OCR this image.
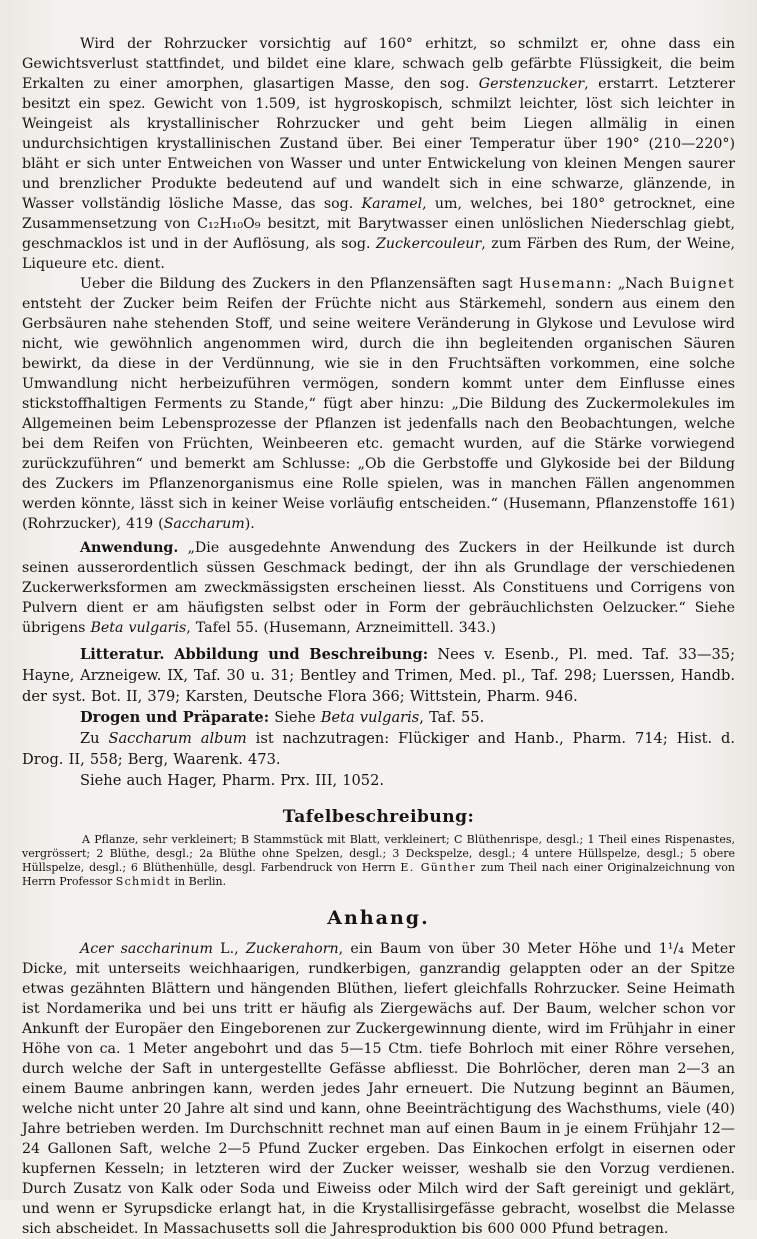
Wird der Rohrzucker vorsichtig auf 160° erhitzt, so schmilzt er, ohne dass ein Gewichtsverlust stattfindet, und bildet eine klare, schwach gelb gefärbte Flüssigkeit, die beim Erkalten zu einer amorphen, glasartigen Masse, den sog. Gerstenzucker, erstarrt. Letzterer besitzt ein spez. Gewicht von 1.509, ist hygroskopisch, schmilzt leichter, löst sich leichter in Weingeist als krystallinischer Rohrzucker und geht beim Liegen allmälig in einen undurchsichtigen krystallinischen Zustand über. Bei einer Temperatur über 190° (210—220°) bläht er sich unter Entweichen von Wasser und unter Entwickelung von kleinen Mengen saurer und brenzlicher Produkte bedeutend auf und wandelt sich in eine schwarze, glänzende, in Wasser vollständig lösliche Masse, das sog. Karamel, um, welches, bei 180° getrocknet, eine Zusammensetzung von C₁₂H₁₀O₉ besitzt, mit Barytwasser einen unlöslichen Niederschlag giebt, geschmacklos ist und in der Auflösung, als sog. Zuckercouleur, zum Färben des Rum, der Weine, Liqueure etc. dient.

Ueber die Bildung des Zuckers in den Pflanzensäften sagt Husemann: „Nach Buignet entsteht der Zucker beim Reifen der Früchte nicht aus Stärkemehl, sondern aus einem den Gerbsäuren nahe stehenden Stoff, und seine weitere Veränderung in Glykose und Levulose wird nicht, wie gewöhnlich angenommen wird, durch die ihn begleitenden organischen Säuren bewirkt, da diese in der Verdünnung, wie sie in den Fruchtsäften vorkommen, eine solche Umwandlung nicht herbeizuführen vermögen, sondern kommt unter dem Einflusse eines stickstoffhaltigen Ferments zu Stande,“ fügt aber hinzu: „Die Bildung des Zuckermolekules im Allgemeinen beim Lebensprozesse der Pflanzen ist jedenfalls nach den Beobachtungen, welche bei dem Reifen von Früchten, Weinbeeren etc. gemacht wurden, auf die Stärke vorwiegend zurückzuführen“ und bemerkt am Schlusse: „Ob die Gerbstoffe und Glykoside bei der Bildung des Zuckers im Pflanzenorganismus eine Rolle spielen, was in manchen Fällen angenommen werden könnte, lässt sich in keiner Weise vorläufig entscheiden.“ (Husemann, Pflanzenstoffe 161) (Rohrzucker), 419 (Saccharum).

Anwendung. „Die ausgedehnte Anwendung des Zuckers in der Heilkunde ist durch seinen ausserordentlich süssen Geschmack bedingt, der ihn als Grundlage der verschiedenen Zuckerwerksformen am zweckmässigsten erscheinen liesst. Als Constituens und Corrigens von Pulvern dient er am häufigsten selbst oder in Form der gebräuchlichsten Oelzucker.“ Siehe übrigens Beta vulgaris, Tafel 55. (Husemann, Arzneimittell. 343.)

Litteratur. Abbildung und Beschreibung: Nees v. Esenb., Pl. med. Taf. 33—35; Hayne, Arzneigew. IX, Taf. 30 u. 31; Bentley and Trimen, Med. pl., Taf. 298; Luerssen, Handb. der syst. Bot. II, 379; Karsten, Deutsche Flora 366; Wittstein, Pharm. 946.

Drogen und Präparate: Siehe Beta vulgaris, Taf. 55.

Zu Saccharum album ist nachzutragen: Flückiger and Hanb., Pharm. 714; Hist. d. Drog. II, 558; Berg, Waarenk. 473.

Siehe auch Hager, Pharm. Prx. III, 1052.

Tafelbeschreibung:

A Pflanze, sehr verkleinert; B Stammstück mit Blatt, verkleinert; C Blüthenrispe, desgl.; 1 Theil eines Rispenastes, vergrössert; 2 Blüthe, desgl.; 2a Blüthe ohne Spelzen, desgl.; 3 Deckspelze, desgl.; 4 untere Hüllspelze, desgl.; 5 obere Hüllspelze, desgl.; 6 Blüthenhülle, desgl. Farbendruck von Herrn E. Günther zum Theil nach einer Originalzeichnung von Herrn Professor Schmidt in Berlin.

Anhang.

Acer saccharinum L., Zuckerahorn, ein Baum von über 30 Meter Höhe und 1¹/₄ Meter Dicke, mit unterseits weichhaarigen, rundkerbigen, ganzrandig gelappten oder an der Spitze etwas gezähnten Blättern und hängenden Blüthen, liefert gleichfalls Rohrzucker. Seine Heimath ist Nordamerika und bei uns tritt er häufig als Ziergewächs auf. Der Baum, welcher schon vor Ankunft der Europäer den Eingeborenen zur Zuckergewinnung diente, wird im Frühjahr in einer Höhe von ca. 1 Meter angebohrt und das 5—15 Ctm. tiefe Bohrloch mit einer Röhre versehen, durch welche der Saft in untergestellte Gefässe abfliesst. Die Bohrlöcher, deren man 2—3 an einem Baume anbringen kann, werden jedes Jahr erneuert. Die Nutzung beginnt an Bäumen, welche nicht unter 20 Jahre alt sind und kann, ohne Beeinträchtigung des Wachsthums, viele (40) Jahre betrieben werden. Im Durchschnitt rechnet man auf einen Baum in je einem Frühjahr 12—24 Gallonen Saft, welche 2—5 Pfund Zucker ergeben. Das Einkochen erfolgt in eisernen oder kupfernen Kesseln; in letzteren wird der Zucker weisser, weshalb sie den Vorzug verdienen. Durch Zusatz von Kalk oder Soda und Eiweiss oder Milch wird der Saft gereinigt und geklärt, und wenn er Syrupsdicke erlangt hat, in die Krystallisirgefässe gebracht, woselbst die Melasse sich abscheidet. In Massachusetts soll die Jahresproduktion bis 600 000 Pfund betragen.
